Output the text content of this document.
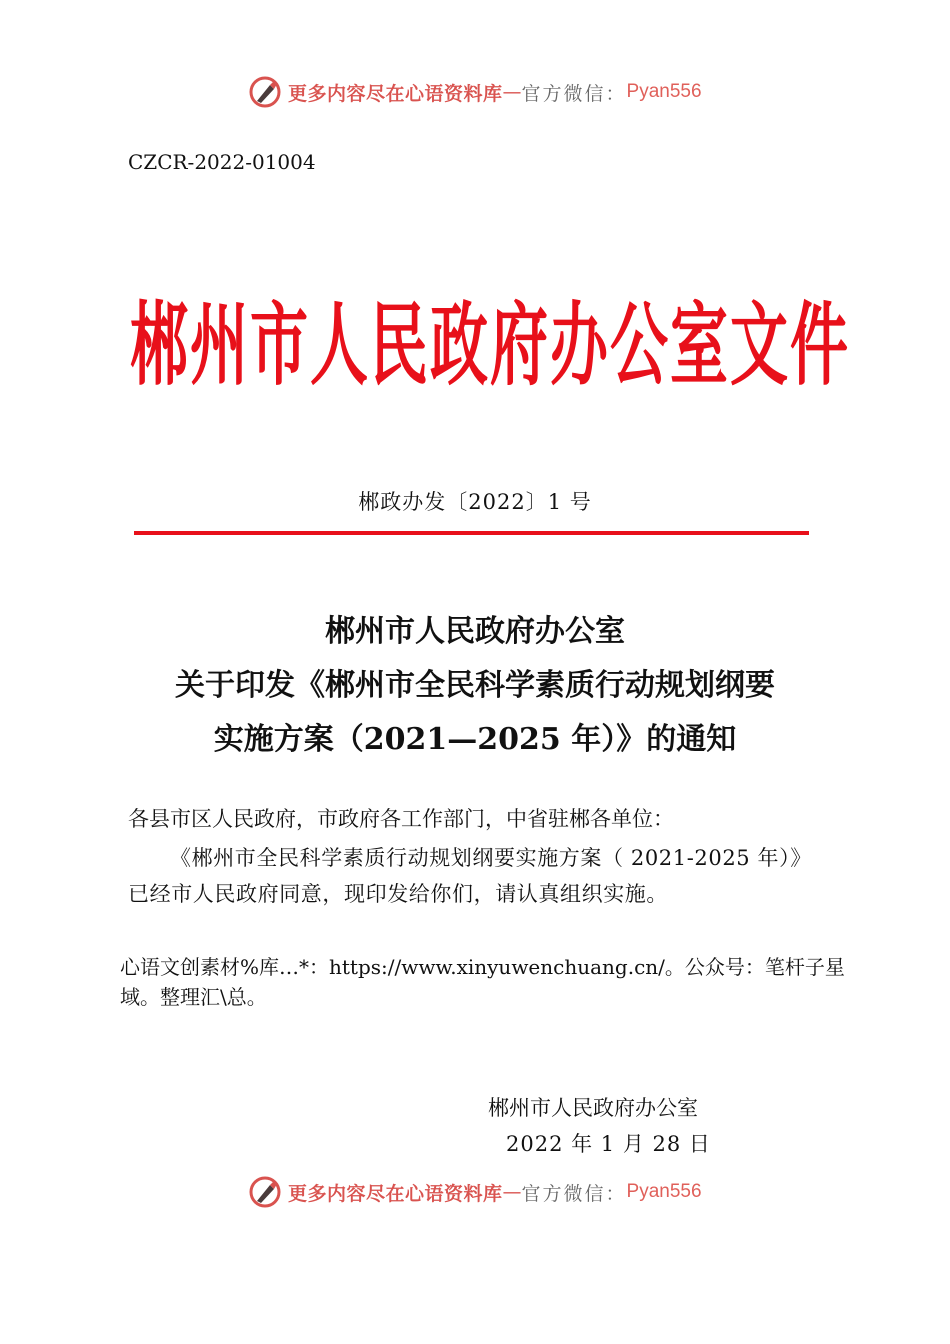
更多内容尽在心语资料库 — 官方微信： Pyan556
CZCR-2022-01004
郴州市人民政府办公室文件
郴政办发〔2022〕1 号
郴州市人民政府办公室
关于印发《郴州市全民科学素质行动规划纲要
实施方案（2021—2025 年）》的通知
各县市区人民政府，市政府各工作部门，中省驻郴各单位：
《郴州市全民科学素质行动规划纲要实施方案（ 2021-2025 年）》已经市人民政府同意，现印发给你们，请认真组织实施。
心语文创素材%库…*：https://www.xinyuwenchuang.cn/。公众号：笔杆子星域。整理汇\总。
郴州市人民政府办公室
2022 年 1 月 28 日
更多内容尽在心语资料库 — 官方微信： Pyan556
